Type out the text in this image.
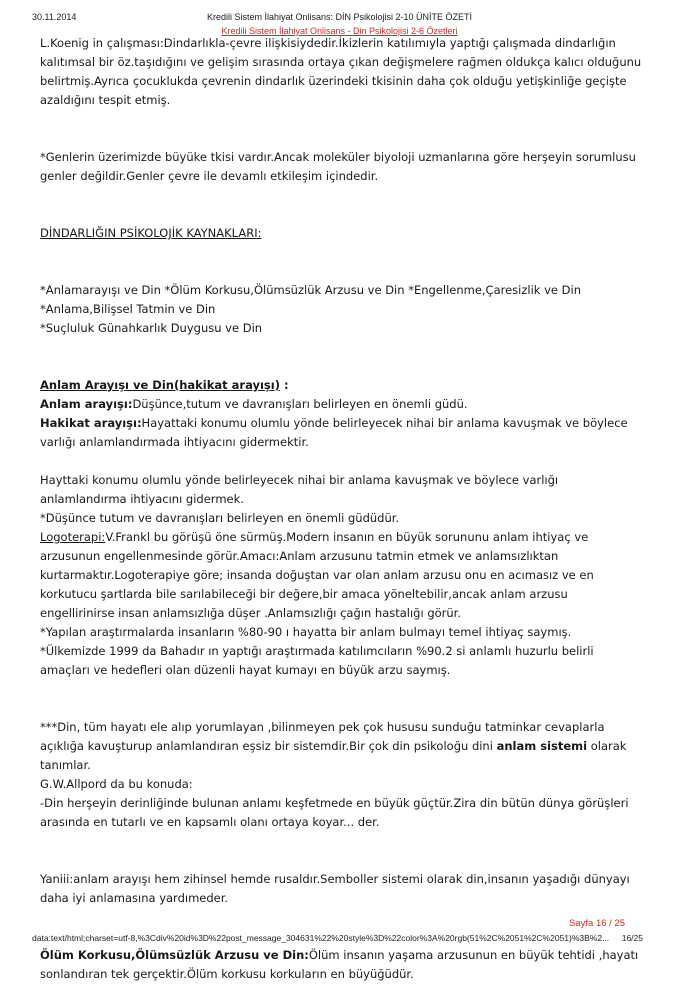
30.11.2014	Kredili Sistem İlahiyat Onlisans: DİN Psikolojisi 2-10 ÜNİTE ÖZETİ
Kredili Sistem İlahiyat Onlisans - Din Psikolojisi 2-6 Özetleri

L.Koenig in çalışması:Dindarlıkla-çevre ilişkisiydedir.İkizlerin katılımıyla yaptığı çalışmada dindarlığın kalıtımsal bir öz.taşıdığını ve gelişim sırasında ortaya çıkan değişmelere rağmen oldukça kalıcı olduğunu belirtmiş.Ayrıca çocuklukda çevrenin dindarlık üzerindeki tkisinin daha çok olduğu yetişkinliğe geçişte azaldığını tespit etmiş.

*Genlerin üzerimizde büyüke tkisi vardır.Ancak moleküler biyoloji uzmanlarına göre herşeyin sorumlusu genler değildir.Genler çevre ile devamlı etkileşim içindedir.

DİNDARLIĞIN PSİKOLOJİK KAYNAKLARI:

*Anlamarayışı ve Din *Ölüm Korkusu,Ölümsüzlük Arzusu ve Din *Engellenme,Çaresizlik ve Din

*Anlama,Bilişsel Tatmin ve Din

*Suçluluk Günahkarlık Duygusu ve Din

Anlam Arayışı ve Din(hakikat arayışı) :

Anlam arayışı:Düşünce,tutum ve davranışları belirleyen en önemli güdü.

Hakikat arayışı:Hayattaki konumu olumlu yönde belirleyecek nihai bir anlama kavuşmak ve böylece varlığı anlamlandırmada ihtiyacını gidermektir.

Hayttaki konumu olumlu yönde belirleyecek nihai bir anlama kavuşmak ve böylece varlığı anlamlandırma ihtiyacını gidermek.

*Düşünce tutum ve davranışları belirleyen en önemli güdüdür.

Logoterapi:V.Frankl bu görüşü öne sürmüş.Modern insanın en büyük sorununu anlam ihtiyaç ve arzusunun engellenmesinde görür.Amacı:Anlam arzusunu tatmin etmek ve anlamsızlıktan kurtarmaktır.Logoterapiye göre; insanda doğuştan var olan anlam arzusu onu en acımasız ve en korkutucu şartlarda bile sarılabileceği bir değere,bir amaca yöneltebilir,ancak anlam arzusu engellirinirse insan anlamsızlığa düşer .Anlamsızlığı çağın hastalığı görür.

*Yapılan araştırmalarda insanların %80-90 ı hayatta bir anlam bulmayı temel ihtiyaç saymış.

*Ülkemizde 1999 da Bahadır ın yaptığı araştırmada katılımcıların %90.2 si anlamlı huzurlu belirli amaçları ve hedefleri olan düzenli hayat kumayı en büyük arzu saymış.

***Din, tüm hayatı ele alıp yorumlayan ,bilinmeyen pek çok hususu sunduğu tatminkar cevaplarla açıklığa kavuşturup anlamlandıran eşsiz bir sistemdir.Bir çok din psikoloğu dini anlam sistemi olarak tanımlar.

G.W.Allpord da bu konuda:

-Din herşeyin derinliğinde bulunan anlamı keşfetmede en büyük güçtür.Zira din bütün dünya görüşleri arasında en tutarlı ve en kapsamlı olanı ortaya koyar... der.

Yaniii:anlam arayışı hem zihinsel hemde rusaldır.Semboller sistemi olarak din,insanın yaşadığı dünyayı daha iyi anlamasına yardımeder.

Ölüm Korkusu,Ölümsüzlük Arzusu ve Din:Ölüm insanın yaşama arzusunun en büyük tehtidi ,hayatı sonlandıran tek gerçektir.Ölüm korkusu korkuların en büyüğüdür.

Sayfa 16 / 25
data:text/html;charset=utf-8,%3Cdiv%20id%3D%22post_message_304631%22%20style%3D%22color%3A%20rgb(51%2C%2051%2C%2051)%3B%2...	16/25
